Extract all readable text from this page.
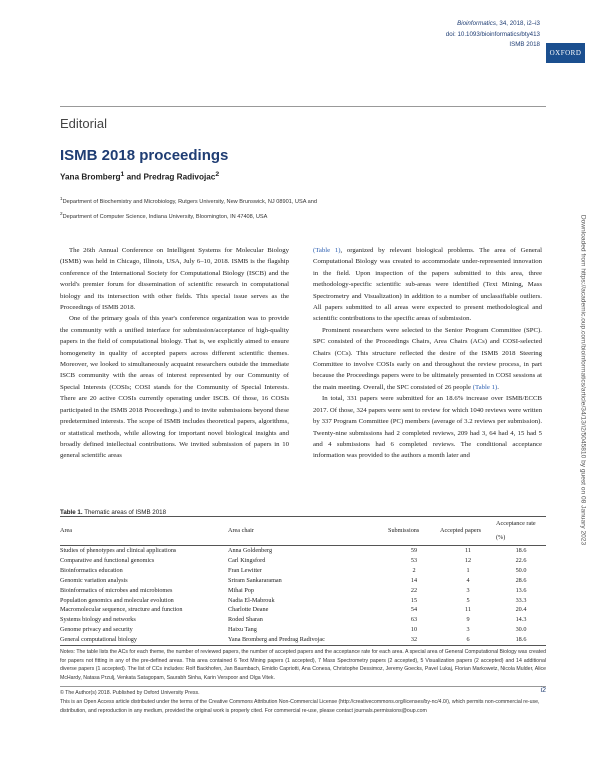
Bioinformatics, 34, 2018, i2–i3
doi: 10.1093/bioinformatics/bty413
ISMB 2018
OXFORD
Editorial
ISMB 2018 proceedings
Yana Bromberg$^1$ and Predrag Radivojac$^2$
$^1$Department of Biochemistry and Microbiology, Rutgers University, New Brunswick, NJ 08901, USA and
$^2$Department of Computer Science, Indiana University, Bloomington, IN 47408, USA

The 26th Annual Conference on Intelligent Systems for Molecular Biology (ISMB) was held in Chicago, Illinois, USA, July 6–10, 2018. ISMB is the flagship conference of the International Society for Computational Biology (ISCB) and the world's premier forum for dissemination of scientific research in computational biology and its intersection with other fields. This special issue serves as the Proceedings of ISMB 2018.

One of the primary goals of this year's conference organization was to provide the community with a unified interface for submission/acceptance of high-quality papers in the field of computational biology. That is, we explicitly aimed to ensure homogeneity in quality of accepted papers across different scientific themes. Moreover, we looked to simultaneously acquaint researchers outside the immediate ISCB community with the areas of interest represented by our Community of Special Interests (COSIs; COSI stands for the Community of Special Interests. There are 20 active COSIs currently operating under ISCB. Of those, 16 COSIs participated in the ISMB 2018 Proceedings.) and to invite submissions beyond these predetermined interests. The scope of ISMB includes theoretical papers, algorithms, or statistical methods, while allowing for important novel biological insights and broadly defined intellectual contributions. We invited submission of papers in 10 general scientific areas

(Table 1), organized by relevant biological problems. The area of General Computational Biology was created to accommodate under-represented innovation in the field. Upon inspection of the papers submitted to this area, three methodology-specific scientific sub-areas were identified (Text Mining, Mass Spectrometry and Visualization) in addition to a number of unclassifiable outliers. All papers submitted to all areas were expected to present methodological and scientific contributions to the specific areas of submission.

Prominent researchers were selected to the Senior Program Committee (SPC). SPC consisted of the Proceedings Chairs, Area Chairs (ACs) and COSI-selected Chairs (CCs). This structure reflected the desire of the ISMB 2018 Steering Committee to involve COSIs early on and throughout the review process, in part because the Proceedings papers were to be ultimately presented in COSI sessions at the main meeting. Overall, the SPC consisted of 26 people (Table 1).

In total, 331 papers were submitted for an 18.6% increase over ISMB/ECCB 2017. Of those, 324 papers were sent to review for which 1040 reviews were written by 337 Program Committee (PC) members (average of 3.2 reviews per submission). Twenty-nine submissions had 2 completed reviews, 209 had 3, 64 had 4, 15 had 5 and 4 submissions had 6 completed reviews. The conditional acceptance information was provided to the authors a month later and

Table 1. Thematic areas of ISMB 2018
Area	Area chair	Submissions	Accepted papers	Acceptance rate (%)
Studies of phenotypes and clinical applications	Anna Goldenberg	59	11	18.6
Comparative and functional genomics	Carl Kingsford	53	12	22.6
Bioinformatics education	Fran Lewitter	2	1	50.0
Genomic variation analysis	Sriram Sankararaman	14	4	28.6
Bioinformatics of microbes and microbiomes	Mihai Pop	22	3	13.6
Population genomics and molecular evolution	Nadia El-Mabrouk	15	5	33.3
Macromolecular sequence, structure and function	Charlotte Deane	54	11	20.4
Systems biology and networks	Roded Sharan	63	9	14.3
Genome privacy and security	Haixu Tang	10	3	30.0
General computational biology	Yana Bromberg and Predrag Radivojac	32	6	18.6
Notes: The table lists the ACs for each theme, the number of reviewed papers, the number of accepted papers and the acceptance rate for each area. A special area of General Computational Biology was created for papers not fitting in any of the pre-defined areas. This area contained 6 Text Mining papers (1 accepted), 7 Mass Spectrometry papers (2 accepted), 5 Visualization papers (2 accepted) and 14 additional diverse papers (1 accepted). The list of CCs includes: Rolf Backhofen, Jan Baumbach, Emidio Capriotti, Ana Conesa, Christophe Dessimoz, Jeremy Goecks, Pavel Lukaj, Florian Markowetz, Nicola Mulder, Alice McHardy, Natasa Przulj, Venkata Satagopam, Saurabh Sinha, Karin Verspoor and Olga Vitek.
© The Author(s) 2018. Published by Oxford University Press.
This is an Open Access article distributed under the terms of the Creative Commons Attribution Non-Commercial License (http://creativecommons.org/licenses/by-nc/4.0/), which permits non-commercial re-use, distribution, and reproduction in any medium, provided the original work is properly cited. For commercial re-use, please contact journals.permissions@oup.com
i2
Downloaded from https://academic.oup.com/bioinformatics/article/34/13/i2/5045810 by guest on 08 January 2023
